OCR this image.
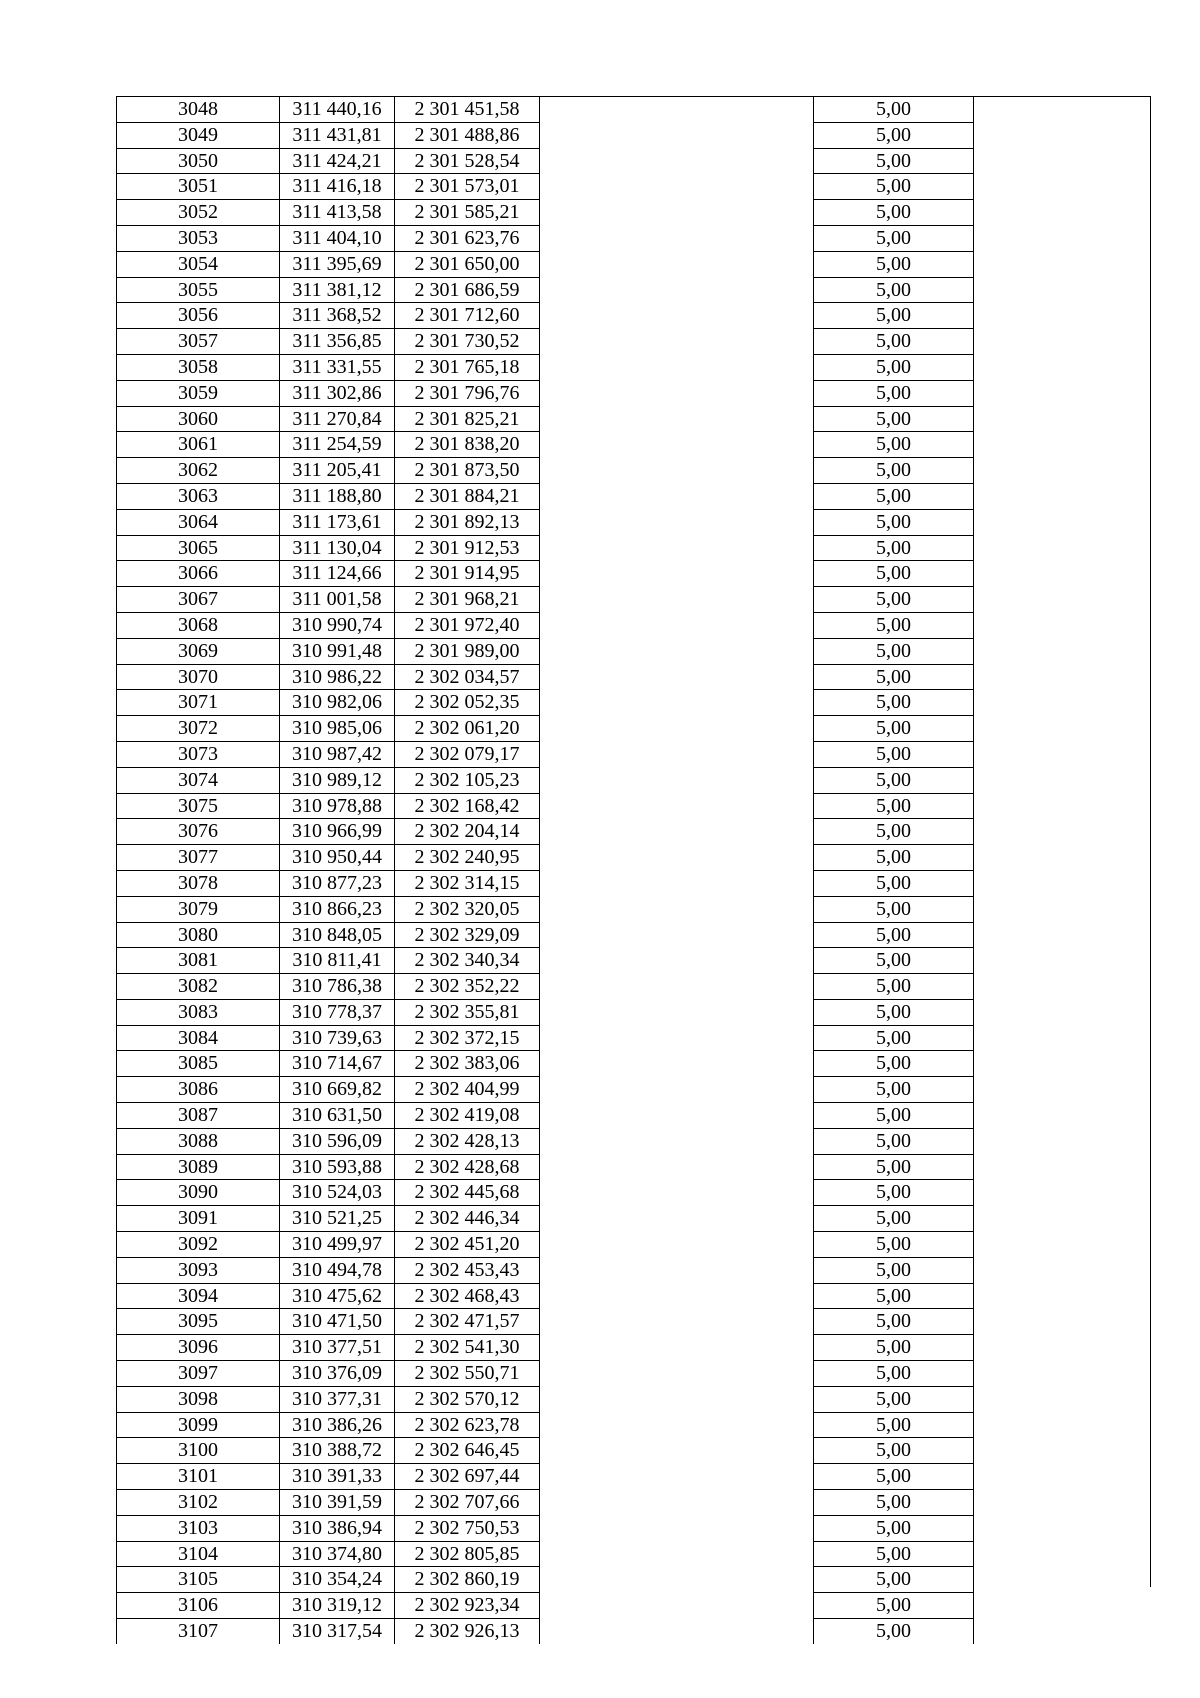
3048	311 440,16	2 301 451,58		5,00	
3049	311 431,81	2 301 488,86		5,00	
3050	311 424,21	2 301 528,54		5,00	
3051	311 416,18	2 301 573,01		5,00	
3052	311 413,58	2 301 585,21		5,00	
3053	311 404,10	2 301 623,76		5,00	
3054	311 395,69	2 301 650,00		5,00	
3055	311 381,12	2 301 686,59		5,00	
3056	311 368,52	2 301 712,60		5,00	
3057	311 356,85	2 301 730,52		5,00	
3058	311 331,55	2 301 765,18		5,00	
3059	311 302,86	2 301 796,76		5,00	
3060	311 270,84	2 301 825,21		5,00	
3061	311 254,59	2 301 838,20		5,00	
3062	311 205,41	2 301 873,50		5,00	
3063	311 188,80	2 301 884,21		5,00	
3064	311 173,61	2 301 892,13		5,00	
3065	311 130,04	2 301 912,53		5,00	
3066	311 124,66	2 301 914,95		5,00	
3067	311 001,58	2 301 968,21		5,00	
3068	310 990,74	2 301 972,40		5,00	
3069	310 991,48	2 301 989,00		5,00	
3070	310 986,22	2 302 034,57		5,00	
3071	310 982,06	2 302 052,35		5,00	
3072	310 985,06	2 302 061,20		5,00	
3073	310 987,42	2 302 079,17		5,00	
3074	310 989,12	2 302 105,23		5,00	
3075	310 978,88	2 302 168,42		5,00	
3076	310 966,99	2 302 204,14		5,00	
3077	310 950,44	2 302 240,95		5,00	
3078	310 877,23	2 302 314,15		5,00	
3079	310 866,23	2 302 320,05		5,00	
3080	310 848,05	2 302 329,09		5,00	
3081	310 811,41	2 302 340,34		5,00	
3082	310 786,38	2 302 352,22		5,00	
3083	310 778,37	2 302 355,81		5,00	
3084	310 739,63	2 302 372,15		5,00	
3085	310 714,67	2 302 383,06		5,00	
3086	310 669,82	2 302 404,99		5,00	
3087	310 631,50	2 302 419,08		5,00	
3088	310 596,09	2 302 428,13		5,00	
3089	310 593,88	2 302 428,68		5,00	
3090	310 524,03	2 302 445,68		5,00	
3091	310 521,25	2 302 446,34		5,00	
3092	310 499,97	2 302 451,20		5,00	
3093	310 494,78	2 302 453,43		5,00	
3094	310 475,62	2 302 468,43		5,00	
3095	310 471,50	2 302 471,57		5,00	
3096	310 377,51	2 302 541,30		5,00	
3097	310 376,09	2 302 550,71		5,00	
3098	310 377,31	2 302 570,12		5,00	
3099	310 386,26	2 302 623,78		5,00	
3100	310 388,72	2 302 646,45		5,00	
3101	310 391,33	2 302 697,44		5,00	
3102	310 391,59	2 302 707,66		5,00	
3103	310 386,94	2 302 750,53		5,00	
3104	310 374,80	2 302 805,85		5,00	
3105	310 354,24	2 302 860,19		5,00	
3106	310 319,12	2 302 923,34		5,00	
3107	310 317,54	2 302 926,13		5,00	
